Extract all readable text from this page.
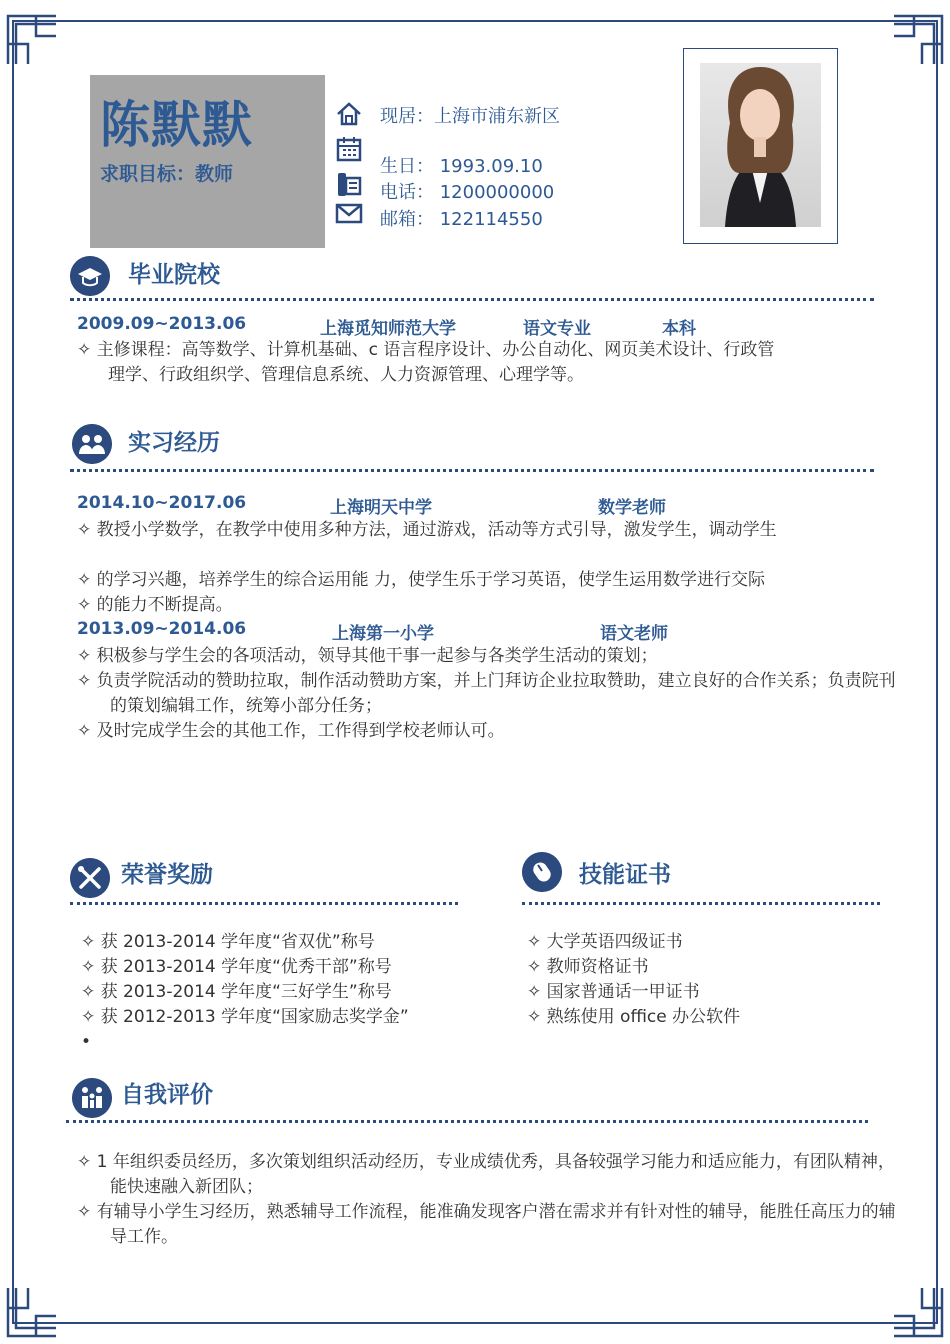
陈默默
求职目标：教师
现居：上海市浦东新区
生日： 1993.09.10
电话： 1200000000
邮箱： 122114550
毕业院校
2009.09~2013.06	上海觅知师范大学	语文专业	本科
✧ 主修课程：高等数学、计算机基础、c 语言程序设计、办公自动化、网页美术设计、行政管
理学、行政组织学、管理信息系统、人力资源管理、心理学等。
实习经历
2014.10~2017.06	上海明天中学	数学老师
✧ 教授小学数学，在教学中使用多种方法，通过游戏，活动等方式引导，激发学生，调动学生
✧ 的学习兴趣，培养学生的综合运用能 力，使学生乐于学习英语，使学生运用数学进行交际
✧ 的能力不断提高。
2013.09~2014.06	上海第一小学	语文老师
✧ 积极参与学生会的各项活动，领导其他干事一起参与各类学生活动的策划；
✧ 负责学院活动的赞助拉取，制作活动赞助方案，并上门拜访企业拉取赞助，建立良好的合作关系；负责院刊的策划编辑工作，统筹小部分任务；
✧ 及时完成学生会的其他工作，工作得到学校老师认可。
荣誉奖励
✧ 获 2013-2014 学年度“省双优”称号
✧ 获 2013-2014 学年度“优秀干部”称号
✧ 获 2013-2014 学年度“三好学生”称号
✧ 获 2012-2013 学年度“国家励志奖学金”
•
技能证书
✧ 大学英语四级证书
✧ 教师资格证书
✧ 国家普通话一甲证书
✧ 熟练使用 office 办公软件
自我评价
✧ 1 年组织委员经历，多次策划组织活动经历，专业成绩优秀，具备较强学习能力和适应能力，有团队精神，能快速融入新团队；
✧ 有辅导小学生习经历，熟悉辅导工作流程，能准确发现客户潜在需求并有针对性的辅导，能胜任高压力的辅导工作。
